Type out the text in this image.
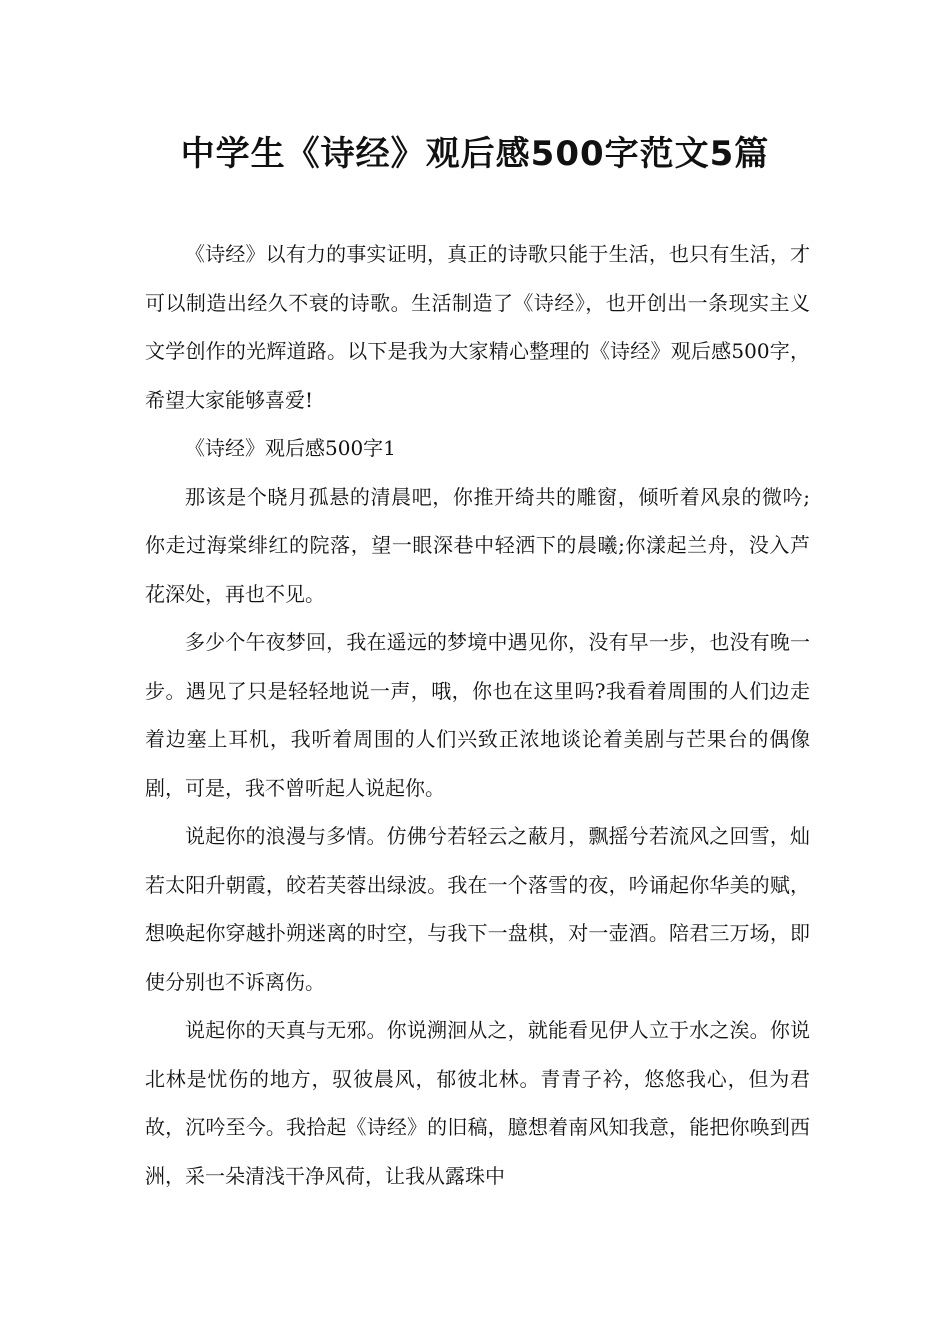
中学生《诗经》观后感500字范文5篇

《诗经》以有力的事实证明，真正的诗歌只能于生活，也只有生活，才可以制造出经久不衰的诗歌。生活制造了《诗经》，也开创出一条现实主义文学创作的光辉道路。以下是我为大家精心整理的《诗经》观后感500字，希望大家能够喜爱!

《诗经》观后感500字1

那该是个晓月孤悬的清晨吧，你推开绮共的雕窗，倾听着风泉的微吟;你走过海棠绯红的院落，望一眼深巷中轻洒下的晨曦;你漾起兰舟，没入芦花深处，再也不见。

多少个午夜梦回，我在遥远的梦境中遇见你，没有早一步，也没有晚一步。遇见了只是轻轻地说一声，哦，你也在这里吗?我看着周围的人们边走着边塞上耳机，我听着周围的人们兴致正浓地谈论着美剧与芒果台的偶像剧，可是，我不曾听起人说起你。

说起你的浪漫与多情。仿佛兮若轻云之蔽月，飘摇兮若流风之回雪，灿若太阳升朝霞，皎若芙蓉出绿波。我在一个落雪的夜，吟诵起你华美的赋，想唤起你穿越扑朔迷离的时空，与我下一盘棋，对一壶酒。陪君三万场，即使分别也不诉离伤。

说起你的天真与无邪。你说溯洄从之，就能看见伊人立于水之涘。你说北林是忧伤的地方，驭彼晨风，郁彼北林。青青子衿，悠悠我心，但为君故，沉吟至今。我拾起《诗经》的旧稿，臆想着南风知我意，能把你唤到西洲，采一朵清浅干净风荷，让我从露珠中
